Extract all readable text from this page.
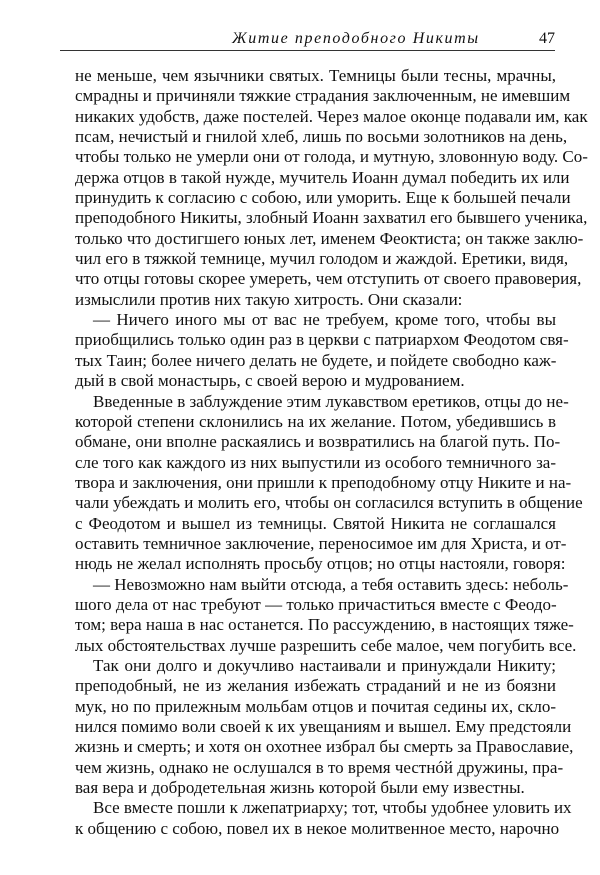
Житие преподобного Никиты	47
не меньше, чем язычники святых. Темницы были тесны, мрачны,
смрадны и причиняли тяжкие страдания заключенным, не имевшим
никаких удобств, даже постелей. Через малое оконце подавали им, как
псам, нечистый и гнилой хлеб, лишь по восьми золотников на день,
чтобы только не умерли они от голода, и мутную, зловонную воду. Со-
держа отцов в такой нужде, мучитель Иоанн думал победить их или
принудить к согласию с собою, или уморить. Еще к большей печали
преподобного Никиты, злобный Иоанн захватил его бывшего ученика,
только что достигшего юных лет, именем Феоктиста; он также заклю-
чил его в тяжкой темнице, мучил голодом и жаждой. Еретики, видя,
что отцы готовы скорее умереть, чем отступить от своего правоверия,
измыслили против них такую хитрость. Они сказали:
— Ничего иного мы от вас не требуем, кроме того, чтобы вы
приобщились только один раз в церкви с патриархом Феодотом свя-
тых Таин; более ничего делать не будете, и пойдете свободно каж-
дый в свой монастырь, с своей верою и мудрованием.
Введенные в заблуждение этим лукавством еретиков, отцы до не-
которой степени склонились на их желание. Потом, убедившись в
обмане, они вполне раскаялись и возвратились на благой путь. По-
сле того как каждого из них выпустили из особого темничного за-
твора и заключения, они пришли к преподобному отцу Никите и на-
чали убеждать и молить его, чтобы он согласился вступить в общение
с Феодотом и вышел из темницы. Святой Никита не соглашался
оставить темничное заключение, переносимое им для Христа, и от-
нюдь не желал исполнять просьбу отцов; но отцы настояли, говоря:
— Невозможно нам выйти отсюда, а тебя оставить здесь: неболь-
шого дела от нас требуют — только причаститься вместе с Феодо-
том; вера наша в нас останется. По рассуждению, в настоящих тяже-
лых обстоятельствах лучше разрешить себе малое, чем погубить все.
Так они долго и докучливо настаивали и принуждали Никиту;
преподобный, не из желания избежать страданий и не из боязни
мук, но по прилежным мольбам отцов и почитая седины их, скло-
нился помимо воли своей к их увещаниям и вышел. Ему предстояли
жизнь и смерть; и хотя он охотнее избрал бы смерть за Православие,
чем жизнь, однако не ослушался в то время честнóй дружины, пра-
вая вера и добродетельная жизнь которой были ему известны.
Все вместе пошли к лжепатриарху; тот, чтобы удобнее уловить их
к общению с собою, повел их в некое молитвенное место, нарочно
